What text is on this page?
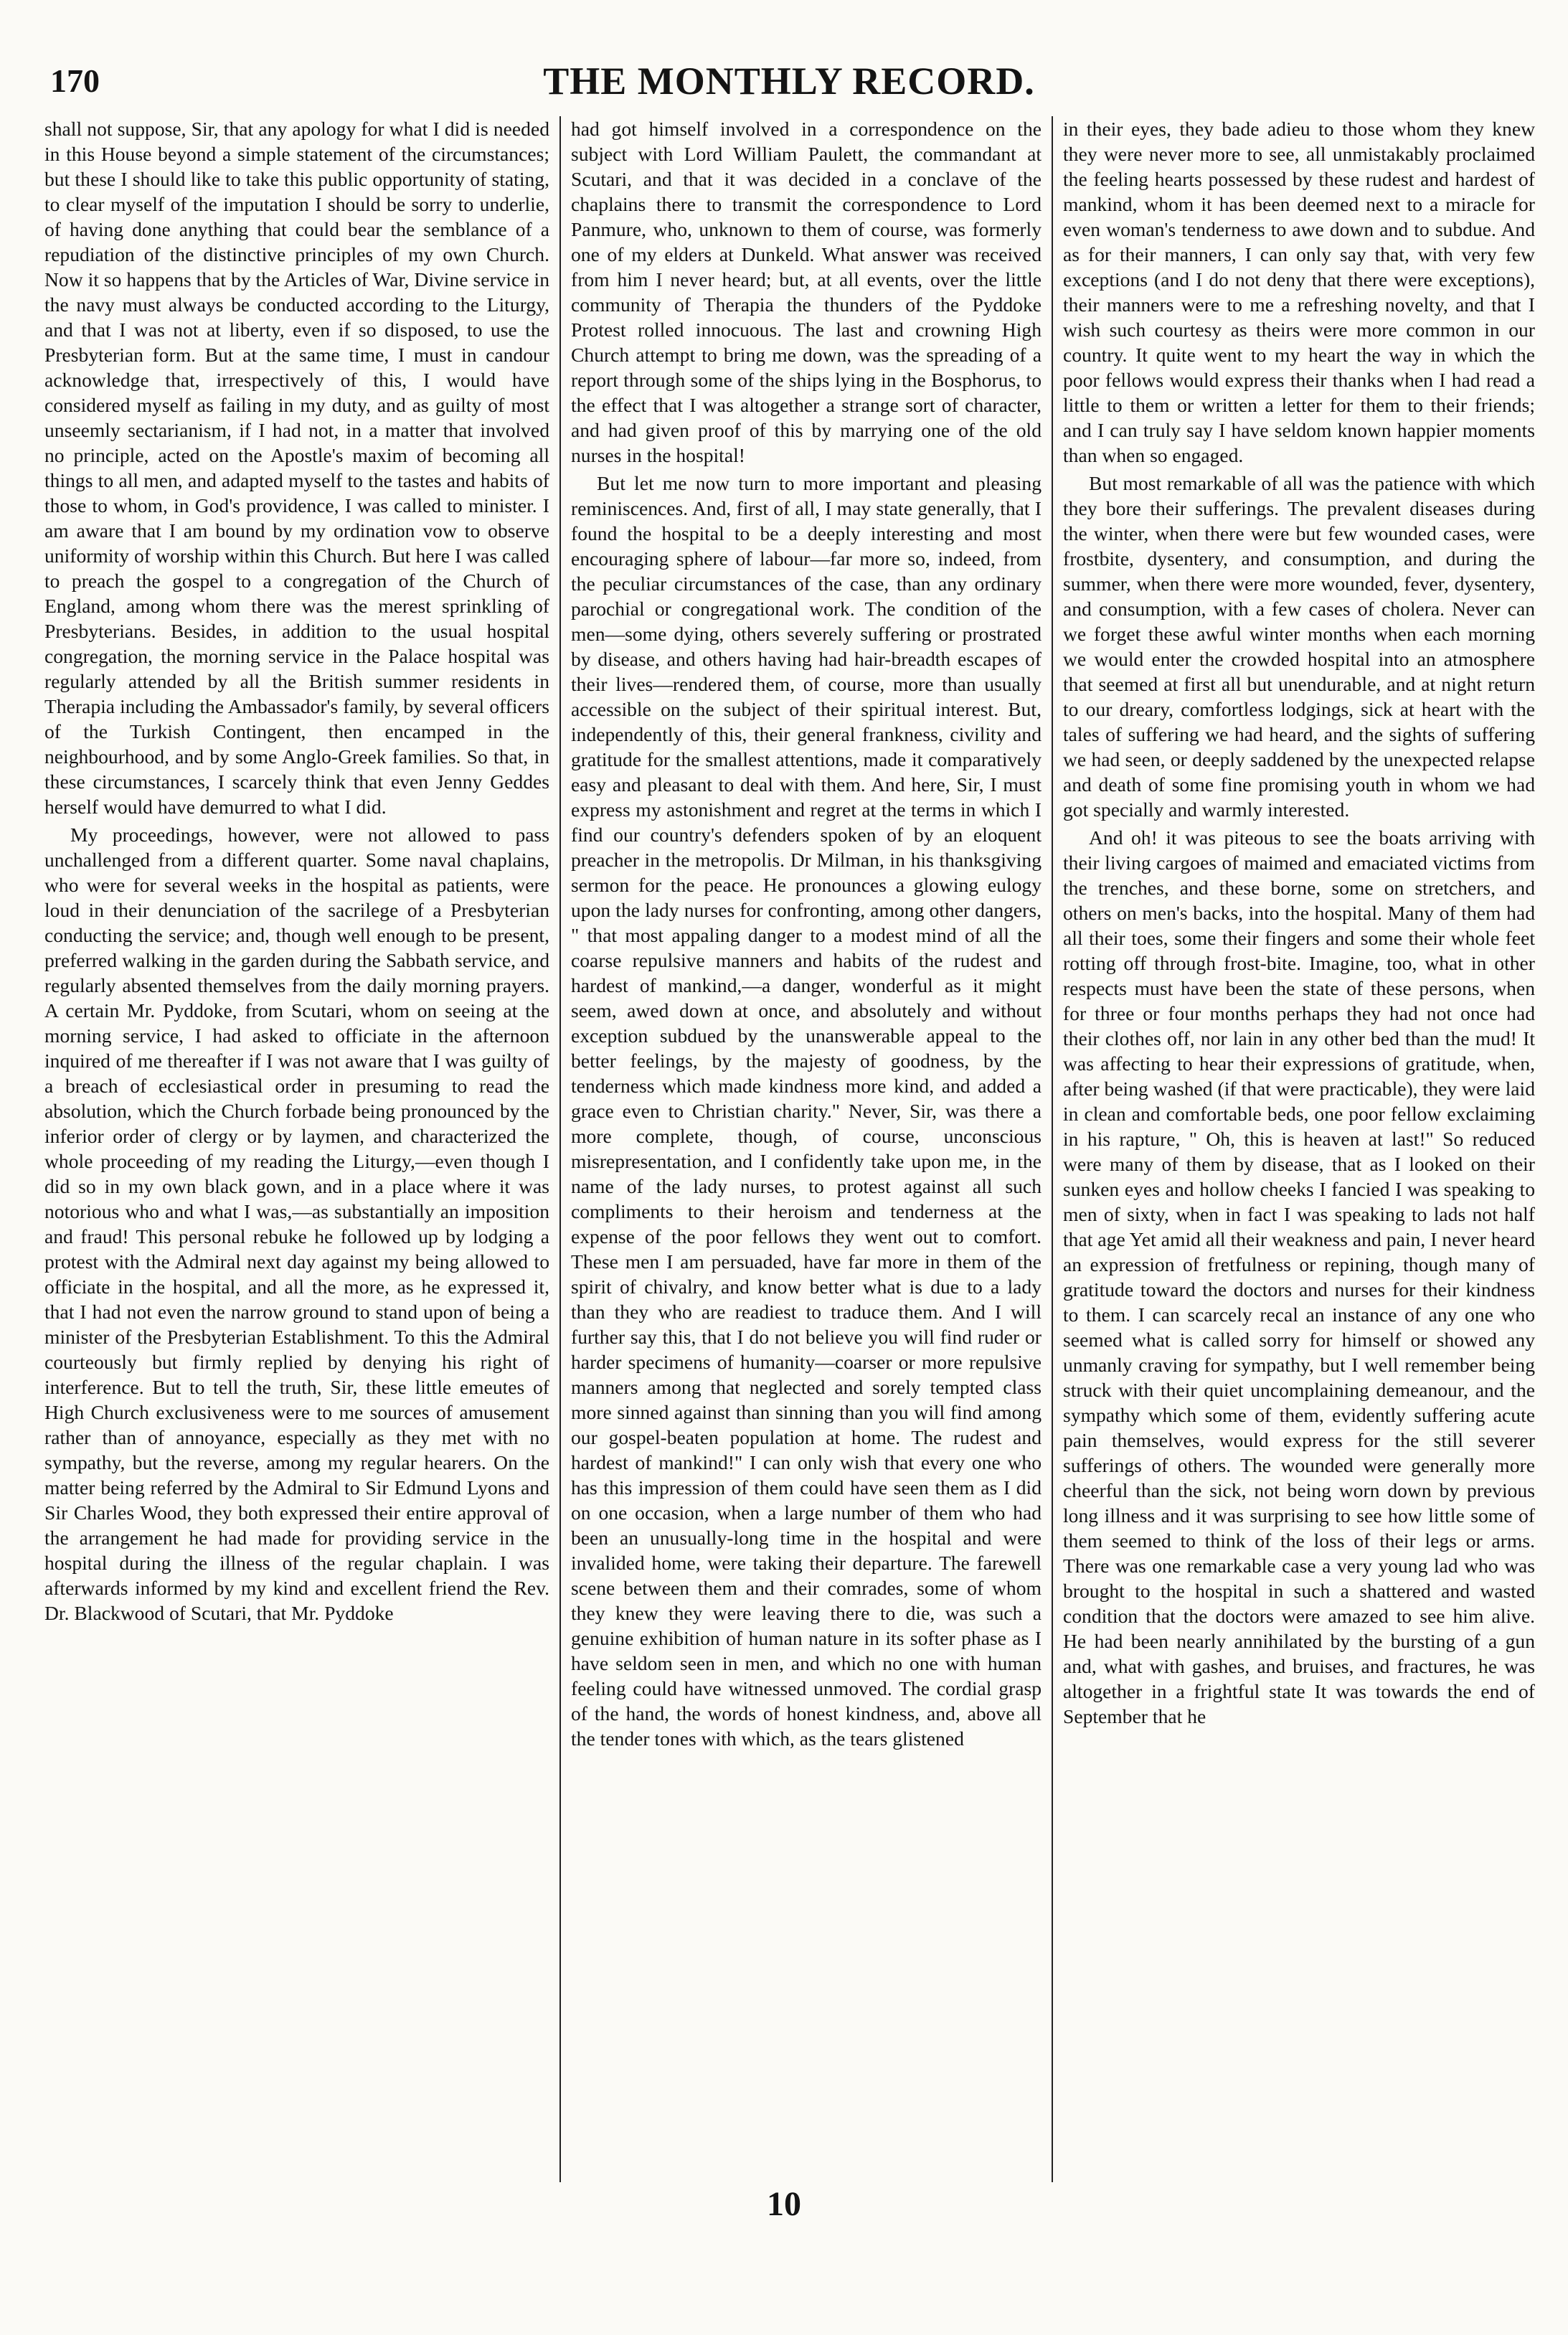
170	THE MONTHLY RECORD.

shall not suppose, Sir, that any apology for what I did is needed in this House beyond a simple statement of the circumstances; but these I should like to take this public opportunity of stating, to clear myself of the imputation I should be sorry to underlie, of having done anything that could bear the semblance of a repudiation of the distinctive principles of my own Church. Now it so happens that by the Articles of War, Divine service in the navy must always be conducted according to the Liturgy, and that I was not at liberty, even if so disposed, to use the Presbyterian form. But at the same time, I must in candour acknowledge that, irrespectively of this, I would have considered myself as failing in my duty, and as guilty of most unseemly sectarianism, if I had not, in a matter that involved no principle, acted on the Apostle's maxim of becoming all things to all men, and adapted myself to the tastes and habits of those to whom, in God's providence, I was called to minister. I am aware that I am bound by my ordination vow to observe uniformity of worship within this Church. But here I was called to preach the gospel to a congregation of the Church of England, among whom there was the merest sprinkling of Presbyterians. Besides, in addition to the usual hospital congregation, the morning service in the Palace hospital was regularly attended by all the British summer residents in Therapia including the Ambassador's family, by several officers of the Turkish Contingent, then encamped in the neighbourhood, and by some Anglo-Greek families. So that, in these circumstances, I scarcely think that even Jenny Geddes herself would have demurred to what I did.

My proceedings, however, were not allowed to pass unchallenged from a different quarter. Some naval chaplains, who were for several weeks in the hospital as patients, were loud in their denunciation of the sacrilege of a Presbyterian conducting the service; and, though well enough to be present, preferred walking in the garden during the Sabbath service, and regularly absented themselves from the daily morning prayers. A certain Mr. Pyddoke, from Scutari, whom on seeing at the morning service, I had asked to officiate in the afternoon inquired of me thereafter if I was not aware that I was guilty of a breach of ecclesiastical order in presuming to read the absolution, which the Church forbade being pronounced by the inferior order of clergy or by laymen, and characterized the whole proceeding of my reading the Liturgy,—even though I did so in my own black gown, and in a place where it was notorious who and what I was,—as substantially an imposition and fraud! This personal rebuke he followed up by lodging a protest with the Admiral next day against my being allowed to officiate in the hospital, and all the more, as he expressed it, that I had not even the narrow ground to stand upon of being a minister of the Presbyterian Establishment. To this the Admiral courteously but firmly replied by denying his right of interference. But to tell the truth, Sir, these little emeutes of High Church exclusiveness were to me sources of amusement rather than of annoyance, especially as they met with no sympathy, but the reverse, among my regular hearers. On the matter being referred by the Admiral to Sir Edmund Lyons and Sir Charles Wood, they both expressed their entire approval of the arrangement he had made for providing service in the hospital during the illness of the regular chaplain. I was afterwards informed by my kind and excellent friend the Rev. Dr. Blackwood of Scutari, that Mr. Pyddoke

had got himself involved in a correspondence on the subject with Lord William Paulett, the commandant at Scutari, and that it was decided in a conclave of the chaplains there to transmit the correspondence to Lord Panmure, who, unknown to them of course, was formerly one of my elders at Dunkeld. What answer was received from him I never heard; but, at all events, over the little community of Therapia the thunders of the Pyddoke Protest rolled innocuous. The last and crowning High Church attempt to bring me down, was the spreading of a report through some of the ships lying in the Bosphorus, to the effect that I was altogether a strange sort of character, and had given proof of this by marrying one of the old nurses in the hospital!

But let me now turn to more important and pleasing reminiscences. And, first of all, I may state generally, that I found the hospital to be a deeply interesting and most encouraging sphere of labour—far more so, indeed, from the peculiar circumstances of the case, than any ordinary parochial or congregational work. The condition of the men—some dying, others severely suffering or prostrated by disease, and others having had hair-breadth escapes of their lives—rendered them, of course, more than usually accessible on the subject of their spiritual interest. But, independently of this, their general frankness, civility and gratitude for the smallest attentions, made it comparatively easy and pleasant to deal with them. And here, Sir, I must express my astonishment and regret at the terms in which I find our country's defenders spoken of by an eloquent preacher in the metropolis. Dr Milman, in his thanksgiving sermon for the peace. He pronounces a glowing eulogy upon the lady nurses for confronting, among other dangers, " that most appaling danger to a modest mind of all the coarse repulsive manners and habits of the rudest and hardest of mankind,—a danger, wonderful as it might seem, awed down at once, and absolutely and without exception subdued by the unanswerable appeal to the better feelings, by the majesty of goodness, by the tenderness which made kindness more kind, and added a grace even to Christian charity." Never, Sir, was there a more complete, though, of course, unconscious misrepresentation, and I confidently take upon me, in the name of the lady nurses, to protest against all such compliments to their heroism and tenderness at the expense of the poor fellows they went out to comfort. These men I am persuaded, have far more in them of the spirit of chivalry, and know better what is due to a lady than they who are readiest to traduce them. And I will further say this, that I do not believe you will find ruder or harder specimens of humanity—coarser or more repulsive manners among that neglected and sorely tempted class more sinned against than sinning than you will find among our gospel-beaten population at home. The rudest and hardest of mankind!" I can only wish that every one who has this impression of them could have seen them as I did on one occasion, when a large number of them who had been an unusually-long time in the hospital and were invalided home, were taking their departure. The farewell scene between them and their comrades, some of whom they knew they were leaving there to die, was such a genuine exhibition of human nature in its softer phase as I have seldom seen in men, and which no one with human feeling could have witnessed unmoved. The cordial grasp of the hand, the words of honest kindness, and, above all the tender tones with which, as the tears glistened

in their eyes, they bade adieu to those whom they knew they were never more to see, all unmistakably proclaimed the feeling hearts possessed by these rudest and hardest of mankind, whom it has been deemed next to a miracle for even woman's tenderness to awe down and to subdue. And as for their manners, I can only say that, with very few exceptions (and I do not deny that there were exceptions), their manners were to me a refreshing novelty, and that I wish such courtesy as theirs were more common in our country. It quite went to my heart the way in which the poor fellows would express their thanks when I had read a little to them or written a letter for them to their friends; and I can truly say I have seldom known happier moments than when so engaged.

But most remarkable of all was the patience with which they bore their sufferings. The prevalent diseases during the winter, when there were but few wounded cases, were frostbite, dysentery, and consumption, and during the summer, when there were more wounded, fever, dysentery, and consumption, with a few cases of cholera. Never can we forget these awful winter months when each morning we would enter the crowded hospital into an atmosphere that seemed at first all but unendurable, and at night return to our dreary, comfortless lodgings, sick at heart with the tales of suffering we had heard, and the sights of suffering we had seen, or deeply saddened by the unexpected relapse and death of some fine promising youth in whom we had got specially and warmly interested.

And oh! it was piteous to see the boats arriving with their living cargoes of maimed and emaciated victims from the trenches, and these borne, some on stretchers, and others on men's backs, into the hospital. Many of them had all their toes, some their fingers and some their whole feet rotting off through frost-bite. Imagine, too, what in other respects must have been the state of these persons, when for three or four months perhaps they had not once had their clothes off, nor lain in any other bed than the mud! It was affecting to hear their expressions of gratitude, when, after being washed (if that were practicable), they were laid in clean and comfortable beds, one poor fellow exclaiming in his rapture, " Oh, this is heaven at last!" So reduced were many of them by disease, that as I looked on their sunken eyes and hollow cheeks I fancied I was speaking to men of sixty, when in fact I was speaking to lads not half that age Yet amid all their weakness and pain, I never heard an expression of fretfulness or repining, though many of gratitude toward the doctors and nurses for their kindness to them. I can scarcely recal an instance of any one who seemed what is called sorry for himself or showed any unmanly craving for sympathy, but I well remember being struck with their quiet uncomplaining demeanour, and the sympathy which some of them, evidently suffering acute pain themselves, would express for the still severer sufferings of others. The wounded were generally more cheerful than the sick, not being worn down by previous long illness and it was surprising to see how little some of them seemed to think of the loss of their legs or arms. There was one remarkable case a very young lad who was brought to the hospital in such a shattered and wasted condition that the doctors were amazed to see him alive. He had been nearly annihilated by the bursting of a gun and, what with gashes, and bruises, and fractures, he was altogether in a frightful state It was towards the end of September that he

10
